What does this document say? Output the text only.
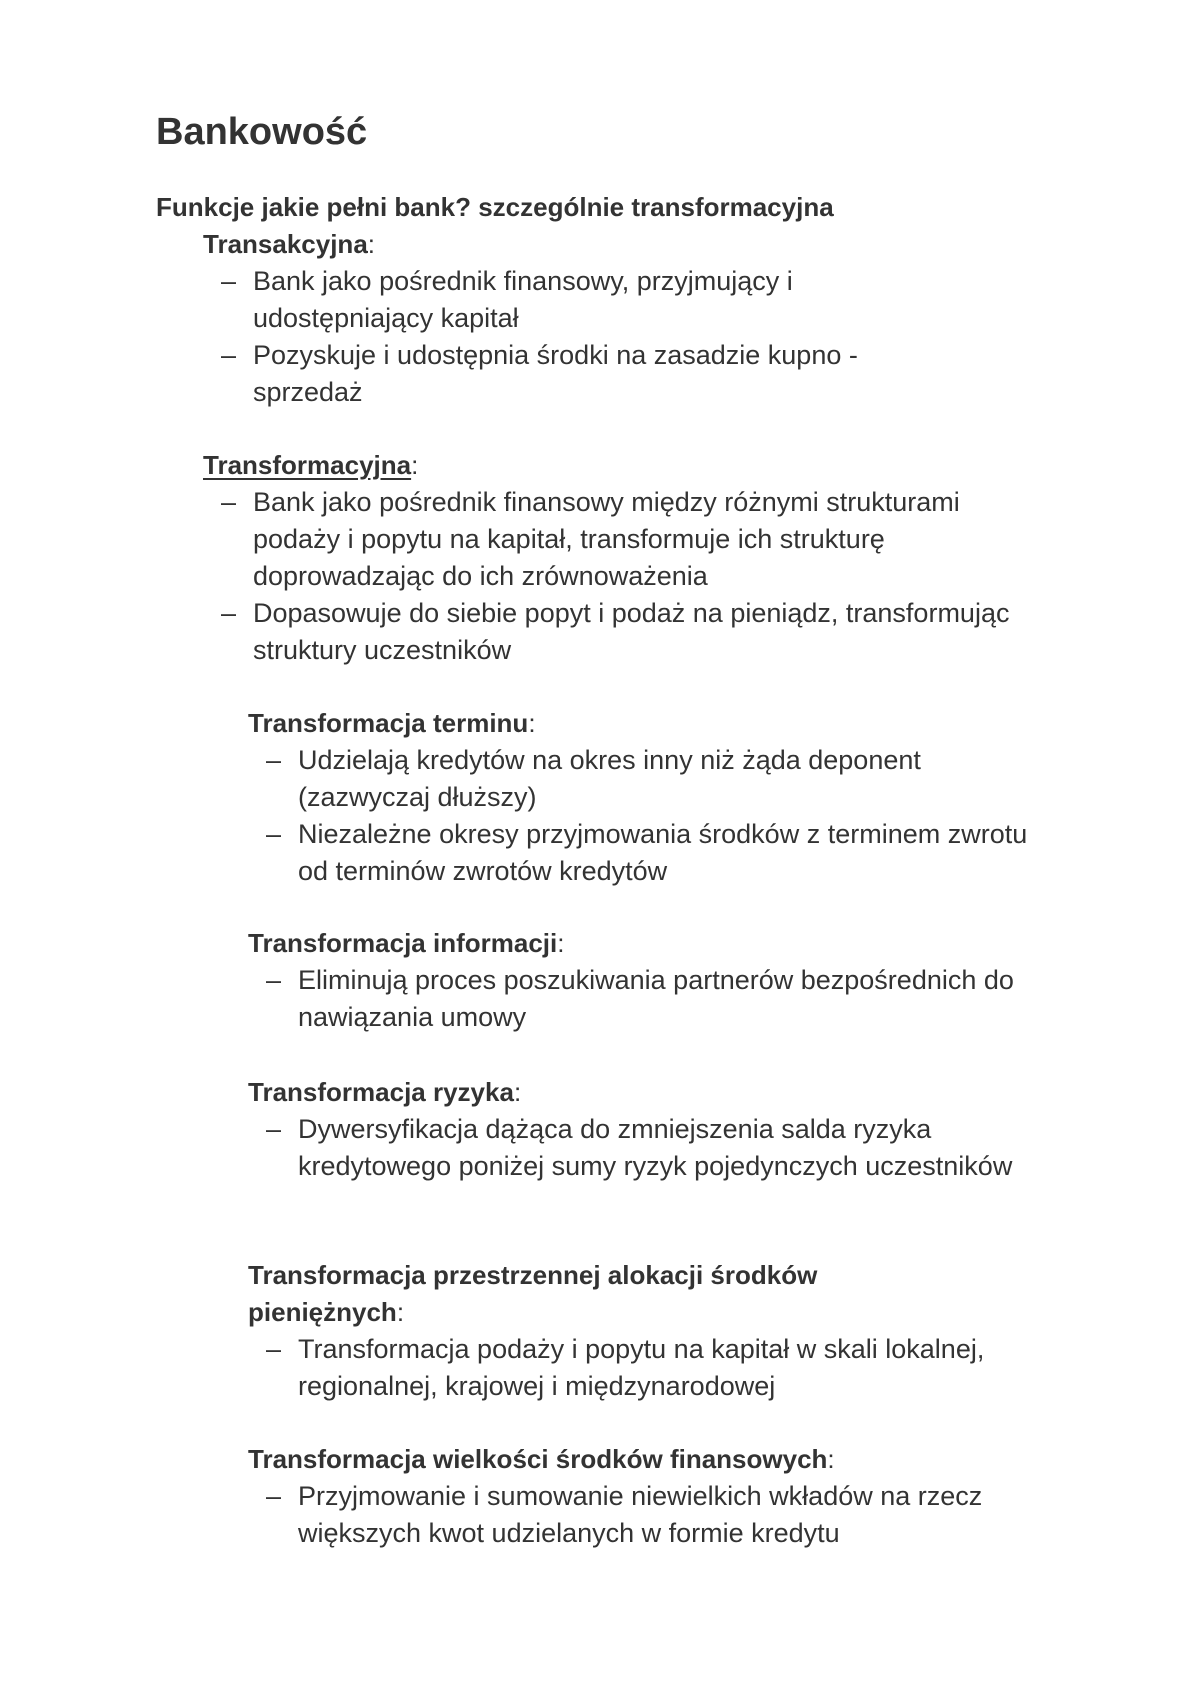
Bankowość

Funkcje jakie pełni bank? szczególnie transformacyjna

Transakcyjna:

– Bank jako pośrednik finansowy, przyjmujący i udostępniający kapitał
– Pozyskuje i udostępnia środki na zasadzie kupno - sprzedaż

Transformacyjna:

– Bank jako pośrednik finansowy między różnymi strukturami podaży i popytu na kapitał, transformuje ich strukturę doprowadzając do ich zrównoważenia
– Dopasowuje do siebie popyt i podaż na pieniądz, transformując struktury uczestników

Transformacja terminu:

– Udzielają kredytów na okres inny niż żąda deponent (zazwyczaj dłuższy)
– Niezależne okresy przyjmowania środków z terminem zwrotu od terminów zwrotów kredytów

Transformacja informacji:

– Eliminują proces poszukiwania partnerów bezpośrednich do nawiązania umowy

Transformacja ryzyka:

– Dywersyfikacja dążąca do zmniejszenia salda ryzyka kredytowego poniżej sumy ryzyk pojedynczych uczestników

Transformacja przestrzennej alokacji środków pieniężnych:

– Transformacja podaży i popytu na kapitał w skali lokalnej, regionalnej, krajowej i międzynarodowej

Transformacja wielkości środków finansowych:

– Przyjmowanie i sumowanie niewielkich wkładów na rzecz większych kwot udzielanych w formie kredytu
